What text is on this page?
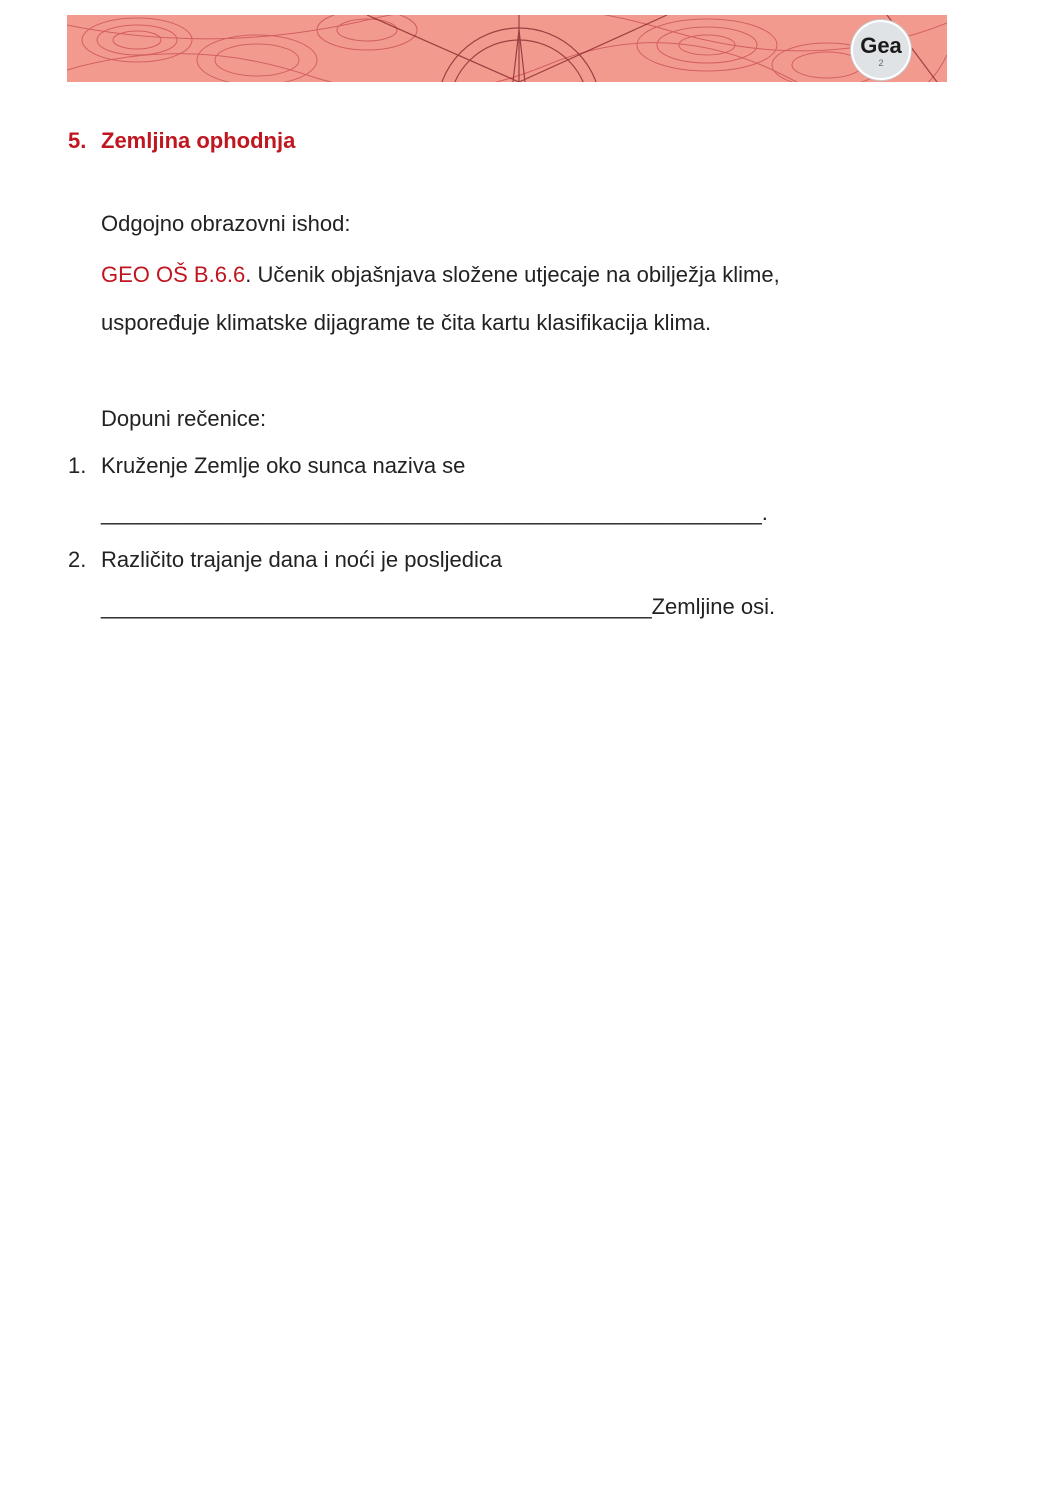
Gea
2
5. Zemljina ophodnja
Odgojno obrazovni ishod:
GEO OŠ B.6.6. Učenik objašnjava složene utjecaje na obilježja klime,
uspoređuje klimatske dijagrame te čita kartu klasifikacija klima.
Dopuni rečenice:
1. Kruženje Zemlje oko sunca naziva se
______________________________________________________.
2. Različito trajanje dana i noći je posljedica
_____________________________________________Zemljine osi.
